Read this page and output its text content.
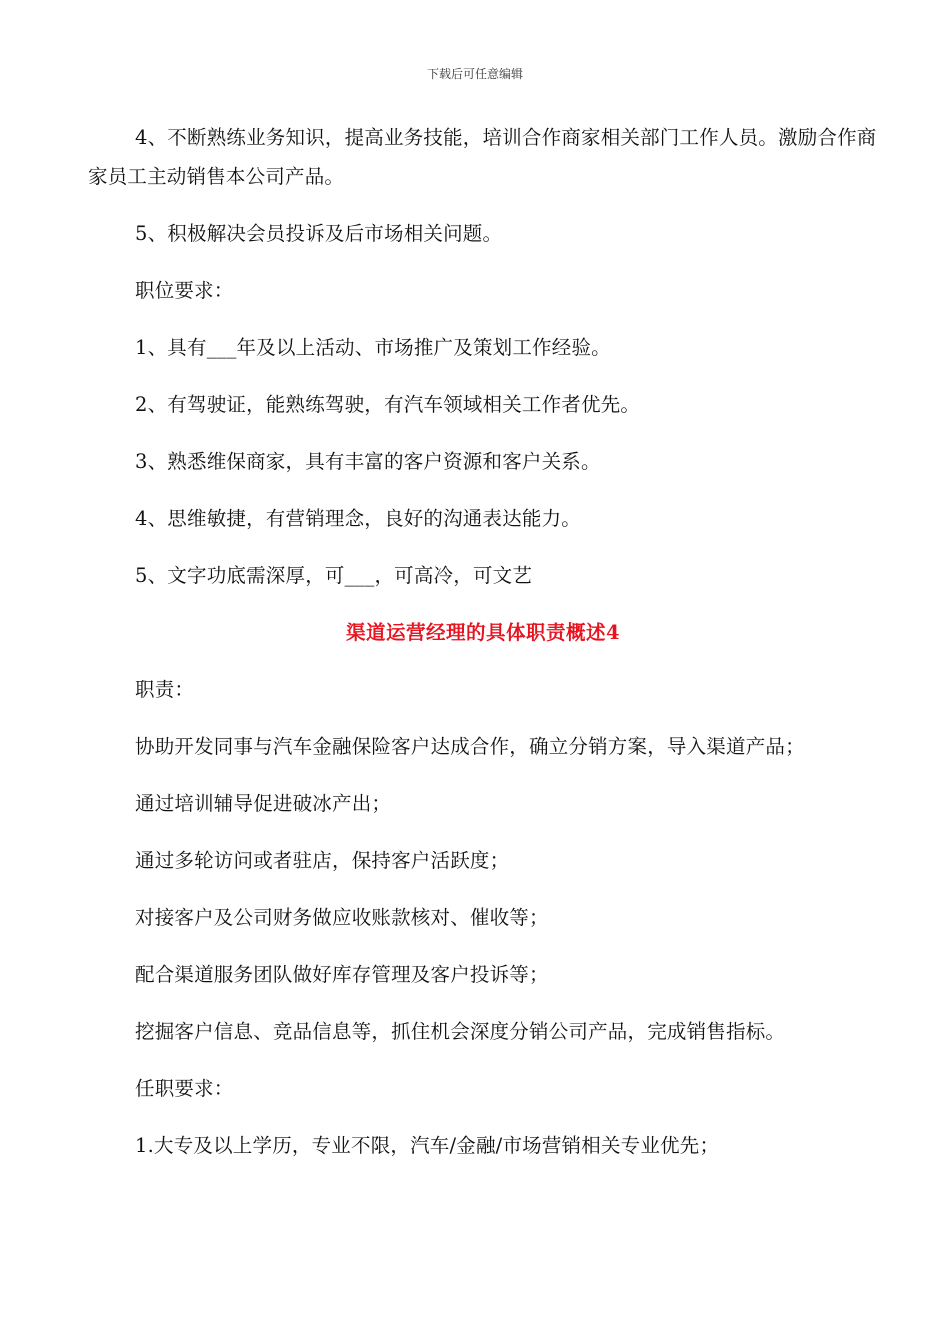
下载后可任意编辑

4、不断熟练业务知识，提高业务技能，培训合作商家相关部门工作人员。激励合作商家员工主动销售本公司产品。

5、积极解决会员投诉及后市场相关问题。

职位要求：

1、具有___年及以上活动、市场推广及策划工作经验。

2、有驾驶证，能熟练驾驶，有汽车领域相关工作者优先。

3、熟悉维保商家，具有丰富的客户资源和客户关系。

4、思维敏捷，有营销理念，良好的沟通表达能力。

5、文字功底需深厚，可___，可高冷，可文艺

渠道运营经理的具体职责概述4

职责：

协助开发同事与汽车金融保险客户达成合作，确立分销方案，导入渠道产品；

通过培训辅导促进破冰产出；

通过多轮访问或者驻店，保持客户活跃度；

对接客户及公司财务做应收账款核对、催收等；

配合渠道服务团队做好库存管理及客户投诉等；

挖掘客户信息、竞品信息等，抓住机会深度分销公司产品，完成销售指标。

任职要求：

1.大专及以上学历，专业不限，汽车/金融/市场营销相关专业优先；
